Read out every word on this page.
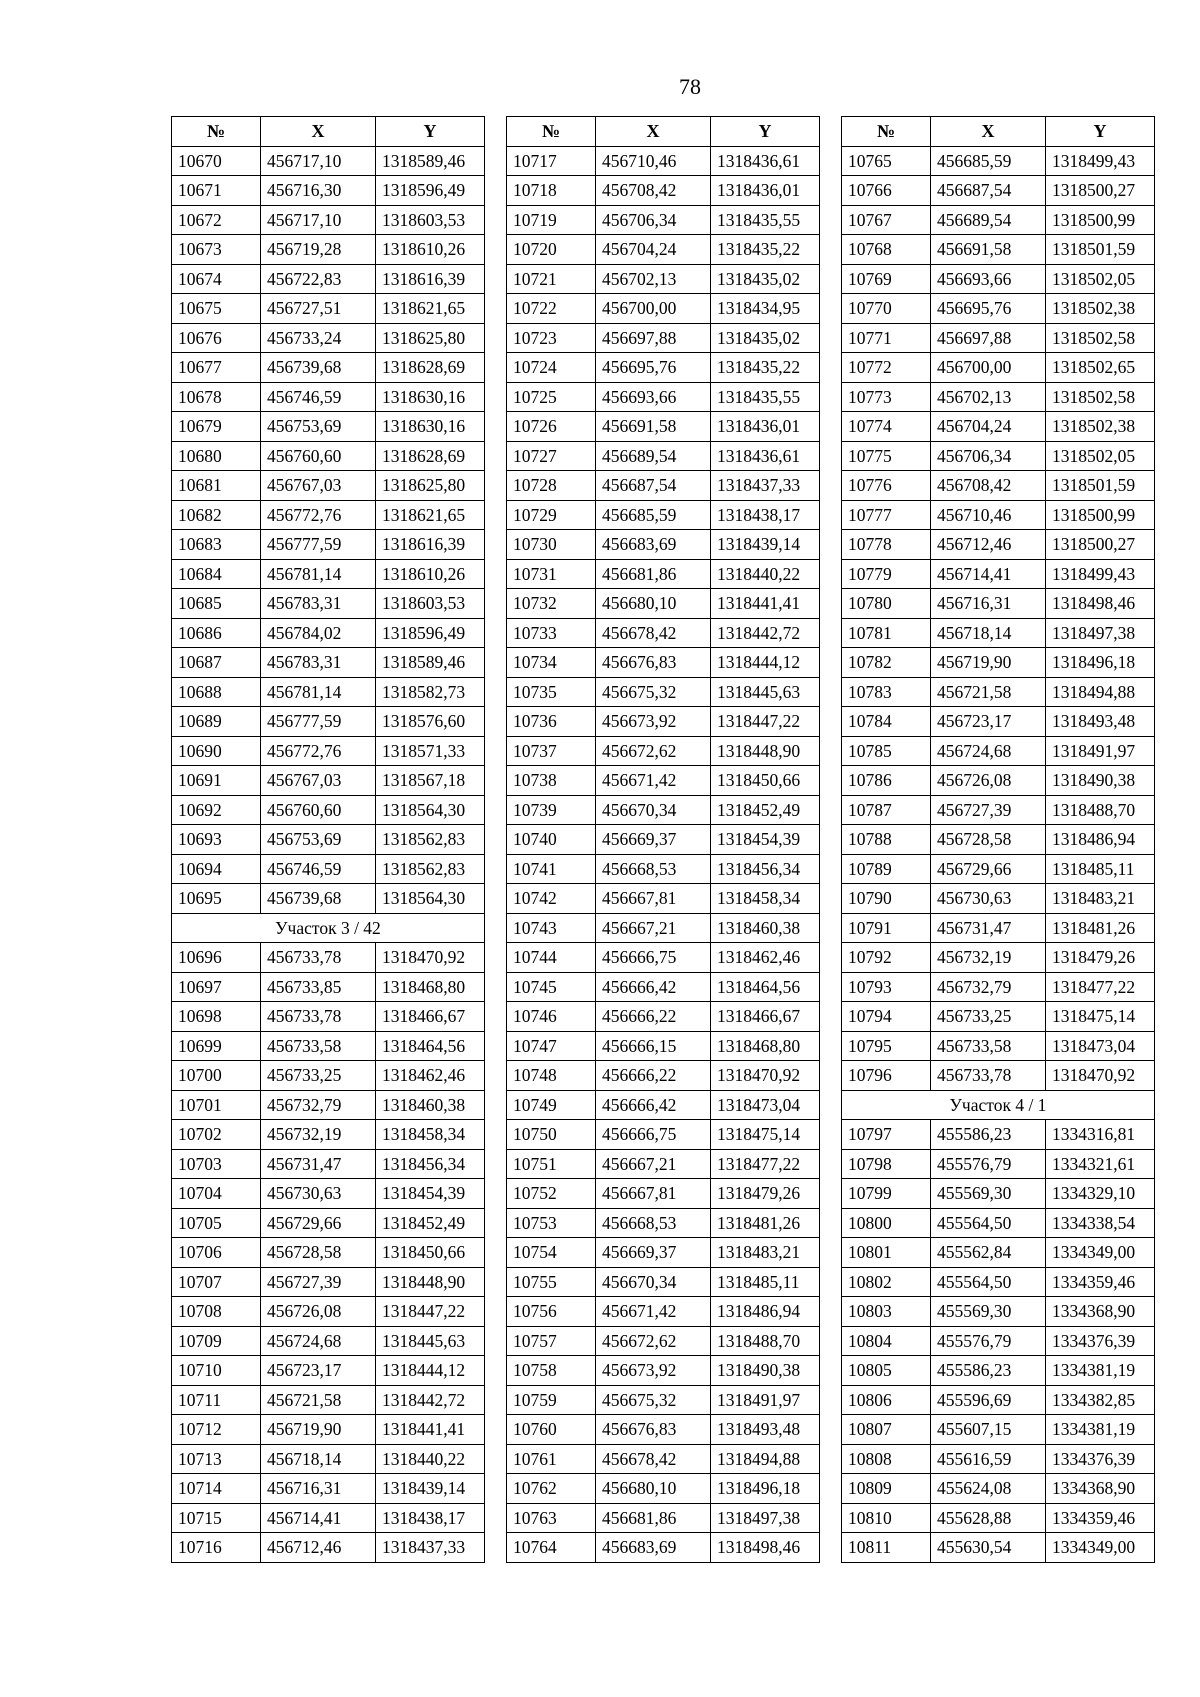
78
№	X	Y
10670	456717,10	1318589,46
10671	456716,30	1318596,49
10672	456717,10	1318603,53
10673	456719,28	1318610,26
10674	456722,83	1318616,39
10675	456727,51	1318621,65
10676	456733,24	1318625,80
10677	456739,68	1318628,69
10678	456746,59	1318630,16
10679	456753,69	1318630,16
10680	456760,60	1318628,69
10681	456767,03	1318625,80
10682	456772,76	1318621,65
10683	456777,59	1318616,39
10684	456781,14	1318610,26
10685	456783,31	1318603,53
10686	456784,02	1318596,49
10687	456783,31	1318589,46
10688	456781,14	1318582,73
10689	456777,59	1318576,60
10690	456772,76	1318571,33
10691	456767,03	1318567,18
10692	456760,60	1318564,30
10693	456753,69	1318562,83
10694	456746,59	1318562,83
10695	456739,68	1318564,30
Участок 3 / 42		
10696	456733,78	1318470,92
10697	456733,85	1318468,80
10698	456733,78	1318466,67
10699	456733,58	1318464,56
10700	456733,25	1318462,46
10701	456732,79	1318460,38
10702	456732,19	1318458,34
10703	456731,47	1318456,34
10704	456730,63	1318454,39
10705	456729,66	1318452,49
10706	456728,58	1318450,66
10707	456727,39	1318448,90
10708	456726,08	1318447,22
10709	456724,68	1318445,63
10710	456723,17	1318444,12
10711	456721,58	1318442,72
10712	456719,90	1318441,41
10713	456718,14	1318440,22
10714	456716,31	1318439,14
10715	456714,41	1318438,17
10716	456712,46	1318437,33
№	X	Y
10717	456710,46	1318436,61
10718	456708,42	1318436,01
10719	456706,34	1318435,55
10720	456704,24	1318435,22
10721	456702,13	1318435,02
10722	456700,00	1318434,95
10723	456697,88	1318435,02
10724	456695,76	1318435,22
10725	456693,66	1318435,55
10726	456691,58	1318436,01
10727	456689,54	1318436,61
10728	456687,54	1318437,33
10729	456685,59	1318438,17
10730	456683,69	1318439,14
10731	456681,86	1318440,22
10732	456680,10	1318441,41
10733	456678,42	1318442,72
10734	456676,83	1318444,12
10735	456675,32	1318445,63
10736	456673,92	1318447,22
10737	456672,62	1318448,90
10738	456671,42	1318450,66
10739	456670,34	1318452,49
10740	456669,37	1318454,39
10741	456668,53	1318456,34
10742	456667,81	1318458,34
10743	456667,21	1318460,38
10744	456666,75	1318462,46
10745	456666,42	1318464,56
10746	456666,22	1318466,67
10747	456666,15	1318468,80
10748	456666,22	1318470,92
10749	456666,42	1318473,04
10750	456666,75	1318475,14
10751	456667,21	1318477,22
10752	456667,81	1318479,26
10753	456668,53	1318481,26
10754	456669,37	1318483,21
10755	456670,34	1318485,11
10756	456671,42	1318486,94
10757	456672,62	1318488,70
10758	456673,92	1318490,38
10759	456675,32	1318491,97
10760	456676,83	1318493,48
10761	456678,42	1318494,88
10762	456680,10	1318496,18
10763	456681,86	1318497,38
10764	456683,69	1318498,46
№	X	Y
10765	456685,59	1318499,43
10766	456687,54	1318500,27
10767	456689,54	1318500,99
10768	456691,58	1318501,59
10769	456693,66	1318502,05
10770	456695,76	1318502,38
10771	456697,88	1318502,58
10772	456700,00	1318502,65
10773	456702,13	1318502,58
10774	456704,24	1318502,38
10775	456706,34	1318502,05
10776	456708,42	1318501,59
10777	456710,46	1318500,99
10778	456712,46	1318500,27
10779	456714,41	1318499,43
10780	456716,31	1318498,46
10781	456718,14	1318497,38
10782	456719,90	1318496,18
10783	456721,58	1318494,88
10784	456723,17	1318493,48
10785	456724,68	1318491,97
10786	456726,08	1318490,38
10787	456727,39	1318488,70
10788	456728,58	1318486,94
10789	456729,66	1318485,11
10790	456730,63	1318483,21
10791	456731,47	1318481,26
10792	456732,19	1318479,26
10793	456732,79	1318477,22
10794	456733,25	1318475,14
10795	456733,58	1318473,04
10796	456733,78	1318470,92
Участок 4 / 1		
10797	455586,23	1334316,81
10798	455576,79	1334321,61
10799	455569,30	1334329,10
10800	455564,50	1334338,54
10801	455562,84	1334349,00
10802	455564,50	1334359,46
10803	455569,30	1334368,90
10804	455576,79	1334376,39
10805	455586,23	1334381,19
10806	455596,69	1334382,85
10807	455607,15	1334381,19
10808	455616,59	1334376,39
10809	455624,08	1334368,90
10810	455628,88	1334359,46
10811	455630,54	1334349,00
